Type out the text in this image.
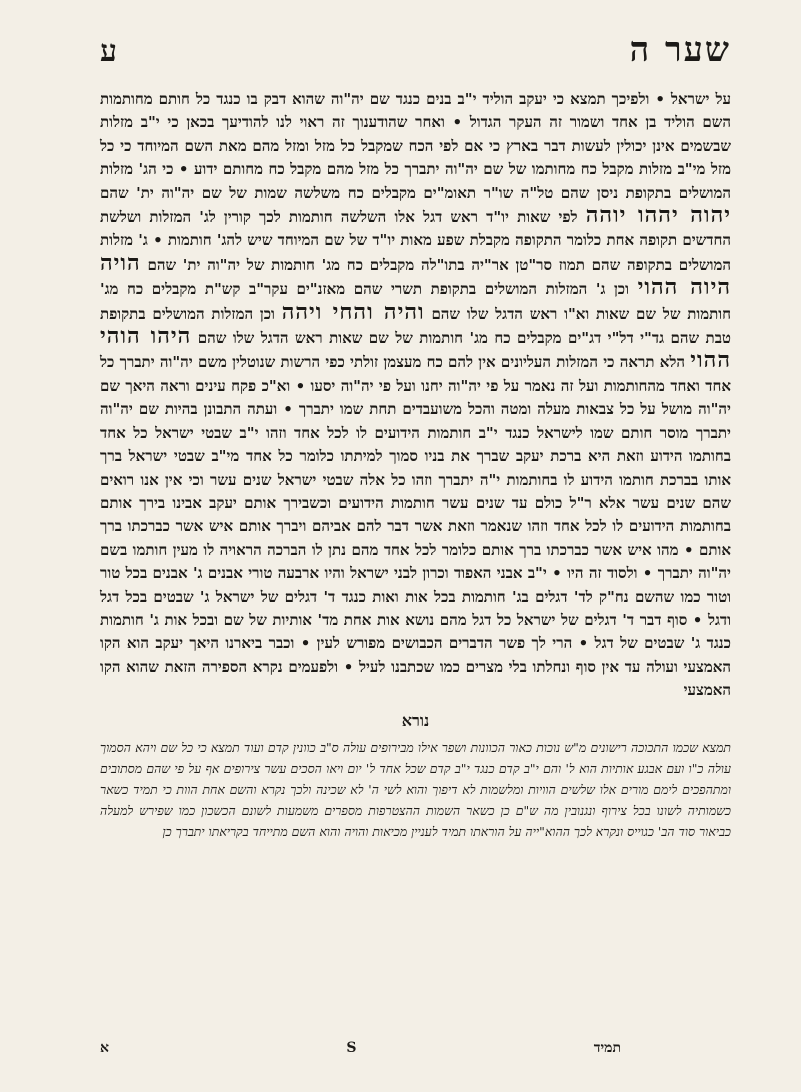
שער ה
ע

על ישראל • ולפיכך תמצא כי יעקב הוליד י"ב בנים כנגד שם יה"וה שהוא דבק בו כנגד כל חותם מחותמות השם הוליד בן אחד ושמור זה העקר הגדול • ואחר שהודענוך זה ראוי לנו להודיעך בכאן כי י"ב מזלות שבשמים אינן יכולין לעשות דבר בארץ כי אם לפי הכח שמקבל כל מזל ומזל מהם מאת השם המיוחד כי כל מזל מי"ב מזלות מקבל כח מחותמו של שם יה"וה יתברך כל מזל מהם מקבל כח מחותם ידוע • כי הג' מזלות המושלים בתקופת ניסן שהם טל"ה שו"ר תאומ"ים מקבלים כח משלשה שמות של שם יה"וה ית' שהם יהוה יההו יוהה לפי שאות יו"ד ראש דגל אלו השלשה חותמות לכך קורין לג' המזלות ושלשת החדשים תקופה אחת כלומר התקופה מקבלת שפע מאות יו"ד של שם המיוחד שיש להג' חותמות • ג' מזלות המושלים בתקופה שהם תמוז סר"טן אר"יה בתו"לה מקבלים כח מג' חותמות של יה"וה ית' שהם הויה היוה ההוי וכן ג' המזלות המושלים בתקופת תשרי שהם מאזנ"ים עקר"ב קש"ת מקבלים כח מג' חותמות של שם שאות וא"ו ראש הדגל שלו שהם והיה והחי ויהה וכן המזלות המושלים בתקופת טבת שהם גד"י דל"י דג"ים מקבלים כח מג' חותמות של שם שאות ראש הדגל שלו שהם היהו הוהי ההוי הלא תראה כי המזלות העליונים אין להם כח מעצמן זולתי כפי הרשות שנוטלין משם יה"וה יתברך כל אחד ואחד מהחותמות ועל זה נאמר על פי יה"וה יחנו ועל פי יה"וה יסעו • וא"כ פקח עינים וראה היאך שם יה"וה מושל על כל צבאות מעלה ומטה והכל משועבדים תחת שמו יתברך • ועתה התבונן בהיות שם יה"וה יתברך מוסר חותם שמו לישראל כנגד י"ב חותמות הידועים לו לכל אחד וזהו י"ב שבטי ישראל כל אחד בחותמו הידוע וזאת היא ברכת יעקב שברך את בניו סמוך למיתתו כלומר כל אחד מי"ב שבטי ישראל ברך אותו בברכת חותמו הידוע לו בחותמות י"ה יתברך וזהו כל אלה שבטי ישראל שנים עשר וכי אין אנו רואים שהם שנים עשר אלא ר"ל כולם עד שנים עשר חותמות הידועים וכשבירך אותם יעקב אבינו בירך אותם בחותמות הידועים לו לכל אחד וזהו שנאמר וזאת אשר דבר להם אביהם ויברך אותם איש אשר כברכתו ברך אותם • מהו איש אשר כברכתו ברך אותם כלומר לכל אחד מהם נתן לו הברכה הראויה לו מעין חותמו בשם יה"וה יתברך • ולסוד זה היו • י"ב אבני האפוד וכרון לבני ישראל והיו ארבעה טורי אבנים ג' אבנים בכל טור וטור כמו שהשם נח"ק לד' דגלים בג' חותמות בכל אות ואות כנגד ד' דגלים של ישראל ג' שבטים בכל דגל ודגל • סוף דבר ד' דגלים של ישראל כל דגל מהם נושא אות אחת מד' אותיות של שם ובכל אות ג' חותמות כנגד ג' שבטים של דגל • הרי לך פשר הדברים הכבושים מפורש לעין • וכבר ביארנו היאך יעקב הוא הקו האמצעי ועולה עד אין סוף ונחלתו בלי מצרים כמו שכתבנו לעיל • ולפעמים נקרא הספירה הזאת שהוא הקו האמצעי

נורא

תמצא שכמו התכוכה רישונים מ"ש נוכות כאור הכוונות ושפר אילו מבירופים עולה ס"ב כוונין קדם ועוד תמצא כי כל שם ויהא הסמוך עולה כ"ו ועם אבגע אותיות הוא ל' והם י"ב קדם כנגד י"ב קדם שכל אחד ל' יום ויאו הסכים עשר צירופים אף על פי שהם מסתובים ומתהפכים לימם מורים אלו שלשים הוויות ומלשמות לא דיפוך והוא לשי ה' לא שכינה ולכך נקרא והשם אחת הוות כי תמיד כשאר כשמותיה לשונו בכל צירוף ונגנובין מה ש"ם כן כשאר השמות ההצטרפות מספרים משמעות לשונם הכשכון כמו שפירש למעלה כביאור סוד הב' כגוייס ונקרא לכך ההוא"ייה על הוראתו תמיד לעניין מכיאות והויה והוא השם מתייחד בקריאתו יתברך כן

תמיד
S
א
